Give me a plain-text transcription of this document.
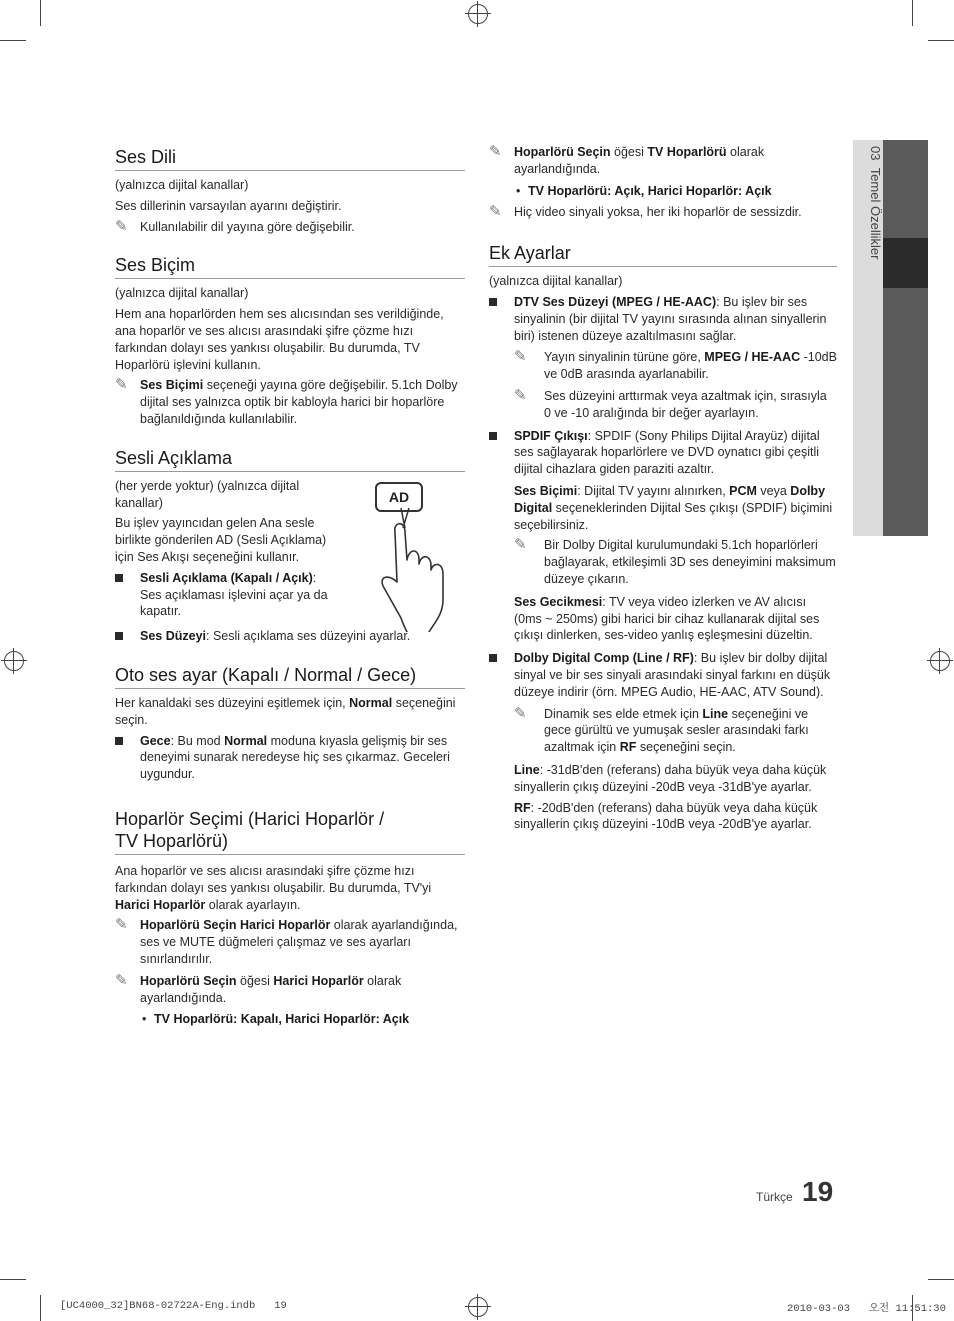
03  Temel Özellikler
Ses Dili

(yalnızca dijital kanallar)

Ses dillerinin varsayılan ayarını değiştirir.

✎ Kullanılabilir dil yayına göre değişebilir.
Ses Biçim

(yalnızca dijital kanallar)

Hem ana hoparlörden hem ses alıcısından ses verildiğinde, ana hoparlör ve ses alıcısı arasındaki şifre çözme hızı farkından dolayı ses yankısı oluşabilir. Bu durumda, TV Hoparlörü işlevini kullanın.

✎ Ses Biçimi seçeneği yayına göre değişebilir. 5.1ch Dolby dijital ses yalnızca optik bir kabloyla harici bir hoparlöre bağlanıldığında kullanılabilir.
Sesli Açıklama

(her yerde yoktur) (yalnızca dijital kanallar)

Bu işlev yayıncıdan gelen Ana sesle birlikte gönderilen AD (Sesli Açıklama) için Ses Akışı seçeneğini kullanır.

Sesli Açıklama (Kapalı / Açık): Ses açıklaması işlevini açar ya da kapatır.
AD
Ses Düzeyi: Sesli açıklama ses düzeyini ayarlar.
Oto ses ayar (Kapalı / Normal / Gece)

Her kanaldaki ses düzeyini eşitlemek için, Normal seçeneğini seçin.

Gece: Bu mod Normal moduna kıyasla gelişmiş bir ses deneyimi sunarak neredeyse hiç ses çıkarmaz. Geceleri uygundur.
Hoparlör Seçimi (Harici Hoparlör /
TV Hoparlörü)

Ana hoparlör ve ses alıcısı arasındaki şifre çözme hızı farkından dolayı ses yankısı oluşabilir. Bu durumda, TV'yi Harici Hoparlör olarak ayarlayın.

✎ Hoparlörü Seçin Harici Hoparlör olarak ayarlandığında, ses ve MUTE düğmeleri çalışmaz ve ses ayarları sınırlandırılır.
✎ Hoparlörü Seçin öğesi Harici Hoparlör olarak ayarlandığında.
• TV Hoparlörü: Kapalı, Harici Hoparlör: Açık
✎ Hoparlörü Seçin öğesi TV Hoparlörü olarak ayarlandığında.
• TV Hoparlörü: Açık, Harici Hoparlör: Açık
✎ Hiç video sinyali yoksa, her iki hoparlör de sessizdir.
Ek Ayarlar

(yalnızca dijital kanallar)

DTV Ses Düzeyi (MPEG / HE-AAC): Bu işlev bir ses sinyalinin (bir dijital TV yayını sırasında alınan sinyallerin biri) istenen düzeye azaltılmasını sağlar.
✎ Yayın sinyalinin türüne göre, MPEG / HE-AAC -10dB ve 0dB arasında ayarlanabilir.
✎ Ses düzeyini arttırmak veya azaltmak için, sırasıyla 0 ve -10 aralığında bir değer ayarlayın.
SPDIF Çıkışı: SPDIF (Sony Philips Dijital Arayüz) dijital ses sağlayarak hoparlörlere ve DVD oynatıcı gibi çeşitli dijital cihazlara giden paraziti azaltır.

Ses Biçimi: Dijital TV yayını alınırken, PCM veya Dolby Digital seçeneklerinden Dijital Ses çıkışı (SPDIF) biçimini seçebilirsiniz.

✎ Bir Dolby Digital kurulumundaki 5.1ch hoparlörleri bağlayarak, etkileşimli 3D ses deneyimini maksimum düzeye çıkarın.

Ses Gecikmesi: TV veya video izlerken ve AV alıcısı (0ms ~ 250ms) gibi harici bir cihaz kullanarak dijital ses çıkışı dinlerken, ses-video yanlış eşleşmesini düzeltin.

Dolby Digital Comp (Line / RF): Bu işlev bir dolby dijital sinyal ve bir ses sinyali arasındaki sinyal farkını en düşük düzeye indirir (örn. MPEG Audio, HE-AAC, ATV Sound).
✎ Dinamik ses elde etmek için Line seçeneğini ve gece gürültü ve yumuşak sesler arasındaki farkı azaltmak için RF seçeneğini seçin.

Line: -31dB'den (referans) daha büyük veya daha küçük sinyallerin çıkış düzeyini -20dB veya -31dB'ye ayarlar.

RF: -20dB'den (referans) daha büyük veya daha küçük sinyallerin çıkış düzeyini -10dB veya -20dB'ye ayarlar.

Türkçe 19
[UC4000_32]BN68-02722A-Eng.indb   19	2010-03-03   오전 11:51:30
